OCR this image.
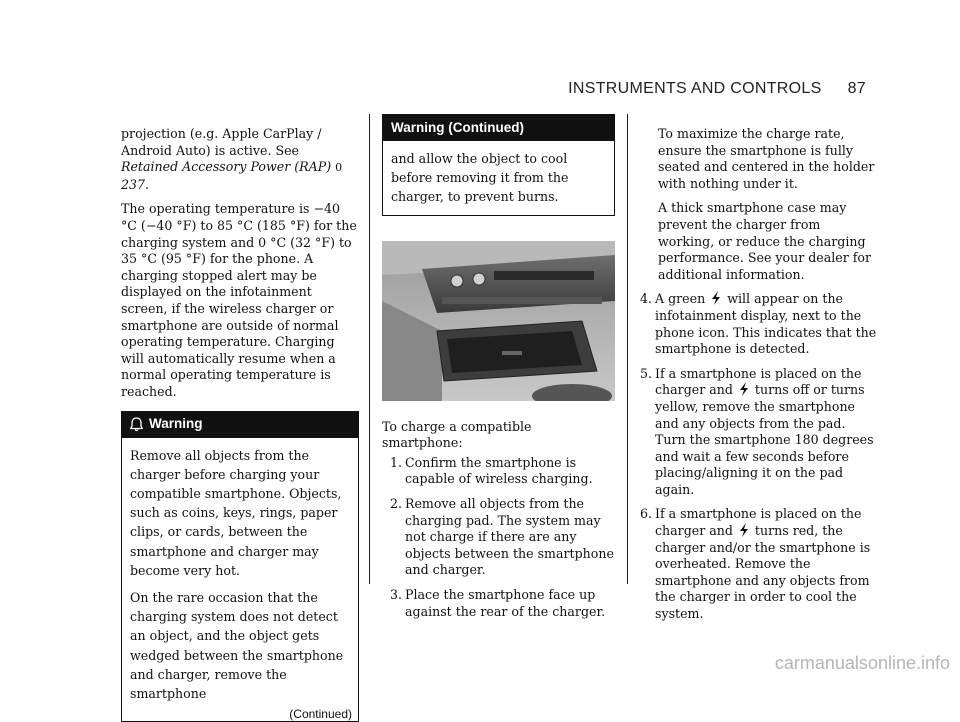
INSTRUMENTS AND CONTROLS 87

projection (e.g. Apple CarPlay / Android Auto) is active. See Retained Accessory Power (RAP) 0 237.

The operating temperature is −40 °C (−40 °F) to 85 °C (185 °F) for the charging system and 0 °C (32 °F) to 35 °C (95 °F) for the phone. A charging stopped alert may be displayed on the infotainment screen, if the wireless charger or smartphone are outside of normal operating temperature. Charging will automatically resume when a normal operating temperature is reached.

Warning

Remove all objects from the charger before charging your compatible smartphone. Objects, such as coins, keys, rings, paper clips, or cards, between the smartphone and charger may become very hot.

On the rare occasion that the charging system does not detect an object, and the object gets wedged between the smartphone and charger, remove the smartphone

(Continued)
Warning (Continued)

and allow the object to cool before removing it from the charger, to prevent burns.

To charge a compatible smartphone:

1. Confirm the smartphone is capable of wireless charging.
2. Remove all objects from the charging pad. The system may not charge if there are any objects between the smartphone and charger.
3. Place the smartphone face up against the rear of the charger.

To maximize the charge rate, ensure the smartphone is fully seated and centered in the holder with nothing under it.

A thick smartphone case may prevent the charger from working, or reduce the charging performance. See your dealer for additional information.

4. A green  will appear on the infotainment display, next to the phone icon. This indicates that the smartphone is detected.
5. If a smartphone is placed on the charger and  turns off or turns yellow, remove the smartphone and any objects from the pad. Turn the smartphone 180 degrees and wait a few seconds before placing/aligning it on the pad again.
6. If a smartphone is placed on the charger and  turns red, the charger and/or the smartphone is overheated. Remove the smartphone and any objects from the charger in order to cool the system.
carmanualsonline.info
